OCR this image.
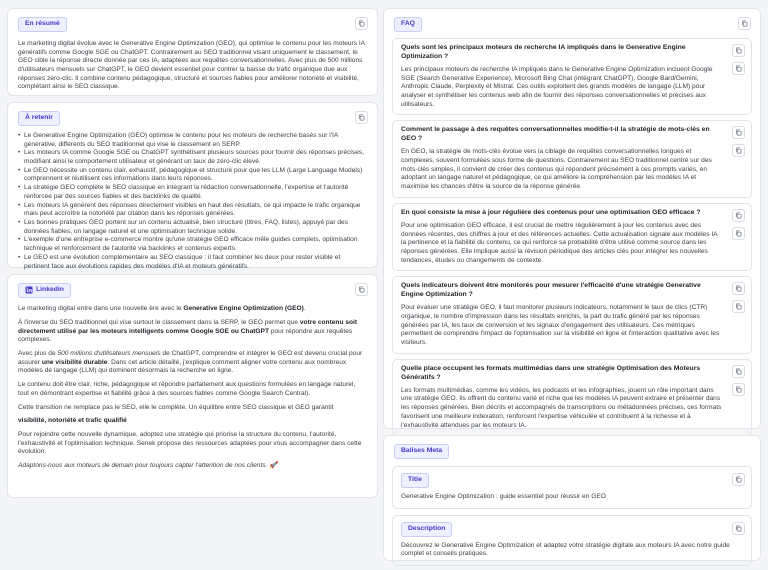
En résumé
Le marketing digital évolue avec le Generative Engine Optimization (GEO), qui optimise le contenu pour les moteurs IA génératifs comme Google SGE ou ChatGPT. Contrairement au SEO traditionnel visant uniquement le classement, le GEO cible la réponse directe donnée par ces IA, adaptées aux requêtes conversationnelles. Avec plus de 500 millions d'utilisateurs mensuels sur ChatGPT, le GEO devient essentiel pour contrer la baisse du trafic organique due aux réponses zéro-clic. Il combine contenu pédagogique, structuré et sources fiables pour améliorer notoriété et visibilité, complétant ainsi le SEO classique.
À retenir
• Le Generative Engine Optimization (GEO) optimise le contenu pour les moteurs de recherche basés sur l'IA générative, différents du SEO traditionnel qui vise le classement en SERP.
• Les moteurs IA comme Google SGE ou ChatGPT synthétisent plusieurs sources pour fournir des réponses précises, modifiant ainsi le comportement utilisateur et générant un taux de zéro-clic élevé.
• Le GEO nécessite un contenu clair, exhaustif, pédagogique et structuré pour que les LLM (Large Language Models) comprennent et réutilisent ces informations dans leurs réponses.
• La stratégie GEO complète le SEO classique en intégrant la rédaction conversationnelle, l'expertise et l'autorité renforcée par des sources fiables et des backlinks de qualité.
• Les moteurs IA génèrent des réponses directement visibles en haut des résultats, ce qui impacte le trafic organique mais peut accroître la notoriété par citation dans les réponses générées.
• Les bonnes pratiques GEO portent sur un contenu actualisé, bien structuré (titres, FAQ, listes), appuyé par des données fiables, un langage naturel et une optimisation technique solide.
• L'exemple d'une entreprise e-commerce montre qu'une stratégie GEO efficace mêle guides complets, optimisation technique et renforcement de l'autorité via backlinks et contenus experts.
• Le GEO est une évolution complémentaire au SEO classique : il faut combiner les deux pour rester visible et pertinent face aux évolutions rapides des modèles d'IA et moteurs génératifs.
Linkedin
Le marketing digital entre dans une nouvelle ère avec le Generative Engine Optimization (GEO).
À l'inverse du SEO traditionnel qui vise surtout le classement dans la SERP, le GEO permet que votre contenu soit directement utilisé par les moteurs intelligents comme Google SGE ou ChatGPT pour répondre aux requêtes complexes.
Avec plus de 500 millions d'utilisateurs mensuels de ChatGPT, comprendre et intégrer le GEO est devenu crucial pour assurer une visibilité durable. Dans cet article détaillé, j'explique comment aligner votre contenu aux nombreux modèles de langage (LLM) qui dominent désormais la recherche en ligne.
Le contenu doit être clair, riche, pédagogique et répondre parfaitement aux questions formulées en langage naturel, tout en démontrant expertise et fiabilité grâce à des sources fiables comme Google Search Central).
Cette transition ne remplace pas le SEO, elle le complète. Un équilibre entre SEO classique et GEO garantit
visibilité, notoriété et trafic qualifié
Pour rejoindre cette nouvelle dynamique, adoptez une stratégie qui priorise la structure du contenu, l'autorité, l'exhaustivité et l'optimisation technique. Senek propose des ressources adaptées pour vous accompagner dans cette évolution.
Adaptons-nous aux moteurs de demain pour toujours capter l'attention de nos clients. 🚀
FAQ
Quels sont les principaux moteurs de recherche IA impliqués dans le Generative Engine Optimization ?
Les principaux moteurs de recherche IA impliqués dans le Generative Engine Optimization incluent Google SGE (Search Generative Experience), Microsoft Bing Chat (intégrant ChatGPT), Google Bard/Gemini, Anthropic Claude, Perplexity et Mistral. Ces outils exploitent des grands modèles de langage (LLM) pour analyser et synthétiser les contenus web afin de fournir des réponses conversationnelles et précises aux utilisateurs.
Comment le passage à des requêtes conversationnelles modifie-t-il la stratégie de mots-clés en GEO ?
En GEO, la stratégie de mots-clés évolue vers la ciblage de requêtes conversationnelles longues et complexes, souvent formulées sous forme de questions. Contrairement au SEO traditionnel centré sur des mots-clés simples, il convient de créer des contenus qui répondent précisément à ces prompts variés, en adoptant un langage naturel et pédagogique, ce qui améliore la compréhension par les modèles IA et maximise les chances d'être la source de la réponse générée.
En quoi consiste la mise à jour régulière des contenus pour une optimisation GEO efficace ?
Pour une optimisation GEO efficace, il est crucial de mettre régulièrement à jour les contenus avec des données récentes, des chiffres à jour et des références actuelles. Cette actualisation signale aux modèles IA la pertinence et la fiabilité du contenu, ce qui renforce sa probabilité d'être utilisé comme source dans les réponses générées. Elle implique aussi la révision périodique des articles clés pour intégrer les nouvelles tendances, études ou changements de contexte.
Quels indicateurs doivent être monitorés pour mesurer l'efficacité d'une stratégie Generative Engine Optimization ?
Pour évaluer une stratégie GEO, il faut monitorer plusieurs indicateurs, notamment le taux de clics (CTR) organique, le nombre d'impression dans les résultats enrichis, la part du trafic généré par les réponses générées par IA, les taux de conversion et les signaux d'engagement des utilisateurs. Ces métriques permettent de comprendre l'impact de l'optimisation sur la visibilité en ligne et l'interaction qualitative avec les visiteurs.
Quelle place occupent les formats multimédias dans une stratégie Optimisation des Moteurs Génératifs ?
Les formats multimédias, comme les vidéos, les podcasts et les infographies, jouent un rôle important dans une stratégie GEO. Ils offrent du contenu varié et riche que les modèles IA peuvent extraire et présenter dans les réponses générées. Bien décrits et accompagnés de transcriptions ou métadonnées précises, ces formats favorisent une meilleure indexation, renforcent l'expertise véhiculée et contribuent à la richesse et à l'exhaustivité attendues par les moteurs IA.
Balises Meta
Title
Generative Engine Optimization : guide essentiel pour réussir en GEO
Description
Découvrez le Generative Engine Optimization et adaptez votre stratégie digitale aux moteurs IA avec notre guide complet et conseils pratiques.
